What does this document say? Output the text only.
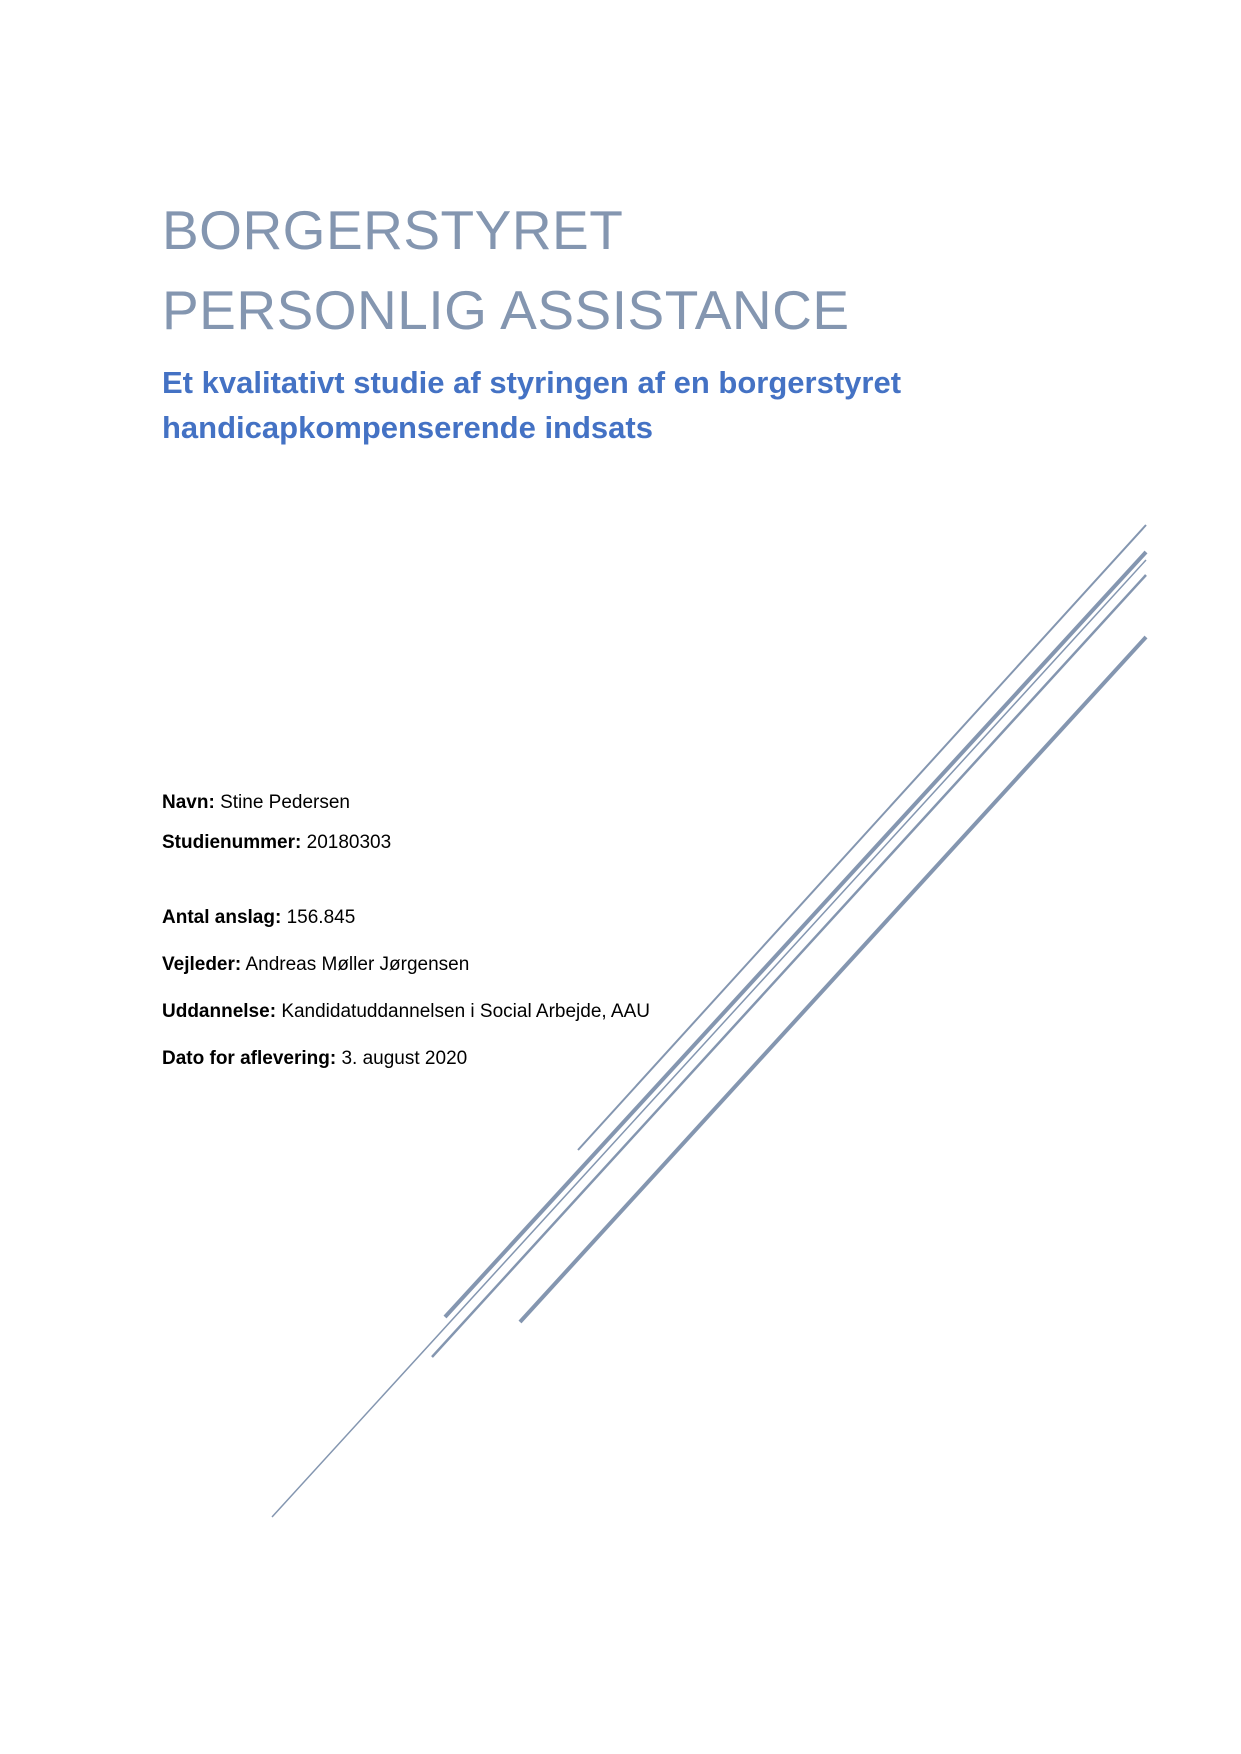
BORGERSTYRET PERSONLIG ASSISTANCE
Et kvalitativt studie af styringen af en borgerstyret handicapkompenserende indsats
Navn: Stine Pedersen
Studienummer: 20180303
Antal anslag: 156.845
Vejleder: Andreas Møller Jørgensen
Uddannelse: Kandidatuddannelsen i Social Arbejde, AAU
Dato for aflevering: 3. august 2020
